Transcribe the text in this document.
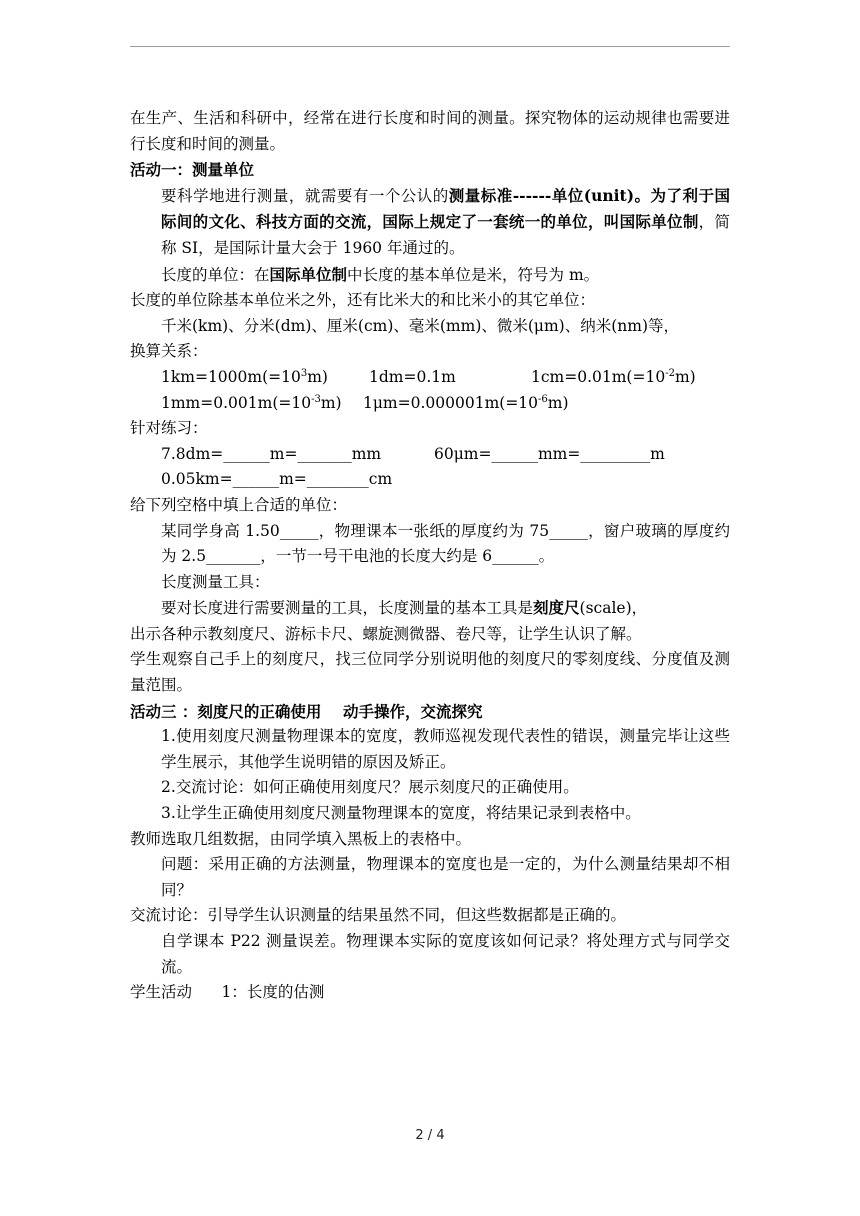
在生产、生活和科研中，经常在进行长度和时间的测量。探究物体的运动规律也需要进行长度和时间的测量。

活动一：测量单位

要科学地进行测量，就需要有一个公认的测量标准------单位(unit)。为了利于国际间的文化、科技方面的交流，国际上规定了一套统一的单位，叫国际单位制，简称 SI，是国际计量大会于 1960 年通过的。

长度的单位：在国际单位制中长度的基本单位是米，符号为 m。

长度的单位除基本单位米之外，还有比米大的和比米小的其它单位：

千米(km)、分米(dm)、厘米(cm)、毫米(mm)、微米(μm)、纳米(nm)等，

换算关系：

$1km=1000m(=10^3m)$	1dm=0.1m	$1cm=0.01m(=10^{-2}m)$

$1mm=0.001m(=10^{-3}m)$ $1\mu m=0.000001m(=10^{-6}m)$

针对练习：

7.8dm=______m=_______mm	60μm=______mm=_________m

0.05km=______m=________cm

给下列空格中填上合适的单位：

某同学身高 1.50_____，物理课本一张纸的厚度约为 75_____，窗户玻璃的厚度约为 2.5_______，一节一号干电池的长度大约是 6______。

长度测量工具：

要对长度进行需要测量的工具，长度测量的基本工具是刻度尺(scale)，

出示各种示教刻度尺、游标卡尺、螺旋测微器、卷尺等，让学生认识了解。

学生观察自己手上的刻度尺，找三位同学分别说明他的刻度尺的零刻度线、分度值及测量范围。

活动三 ：刻度尺的正确使用    动手操作，交流探究

1.使用刻度尺测量物理课本的宽度，教师巡视发现代表性的错误，测量完毕让这些学生展示，其他学生说明错的原因及矫正。

2.交流讨论：如何正确使用刻度尺？展示刻度尺的正确使用。

3.让学生正确使用刻度尺测量物理课本的宽度，将结果记录到表格中。

教师选取几组数据，由同学填入黑板上的表格中。

问题：采用正确的方法测量，物理课本的宽度也是一定的，为什么测量结果却不相同？

交流讨论：引导学生认识测量的结果虽然不同，但这些数据都是正确的。

自学课本 P22 测量误差。物理课本实际的宽度该如何记录？将处理方式与同学交流。

学生活动      1：长度的估测

2 / 4
